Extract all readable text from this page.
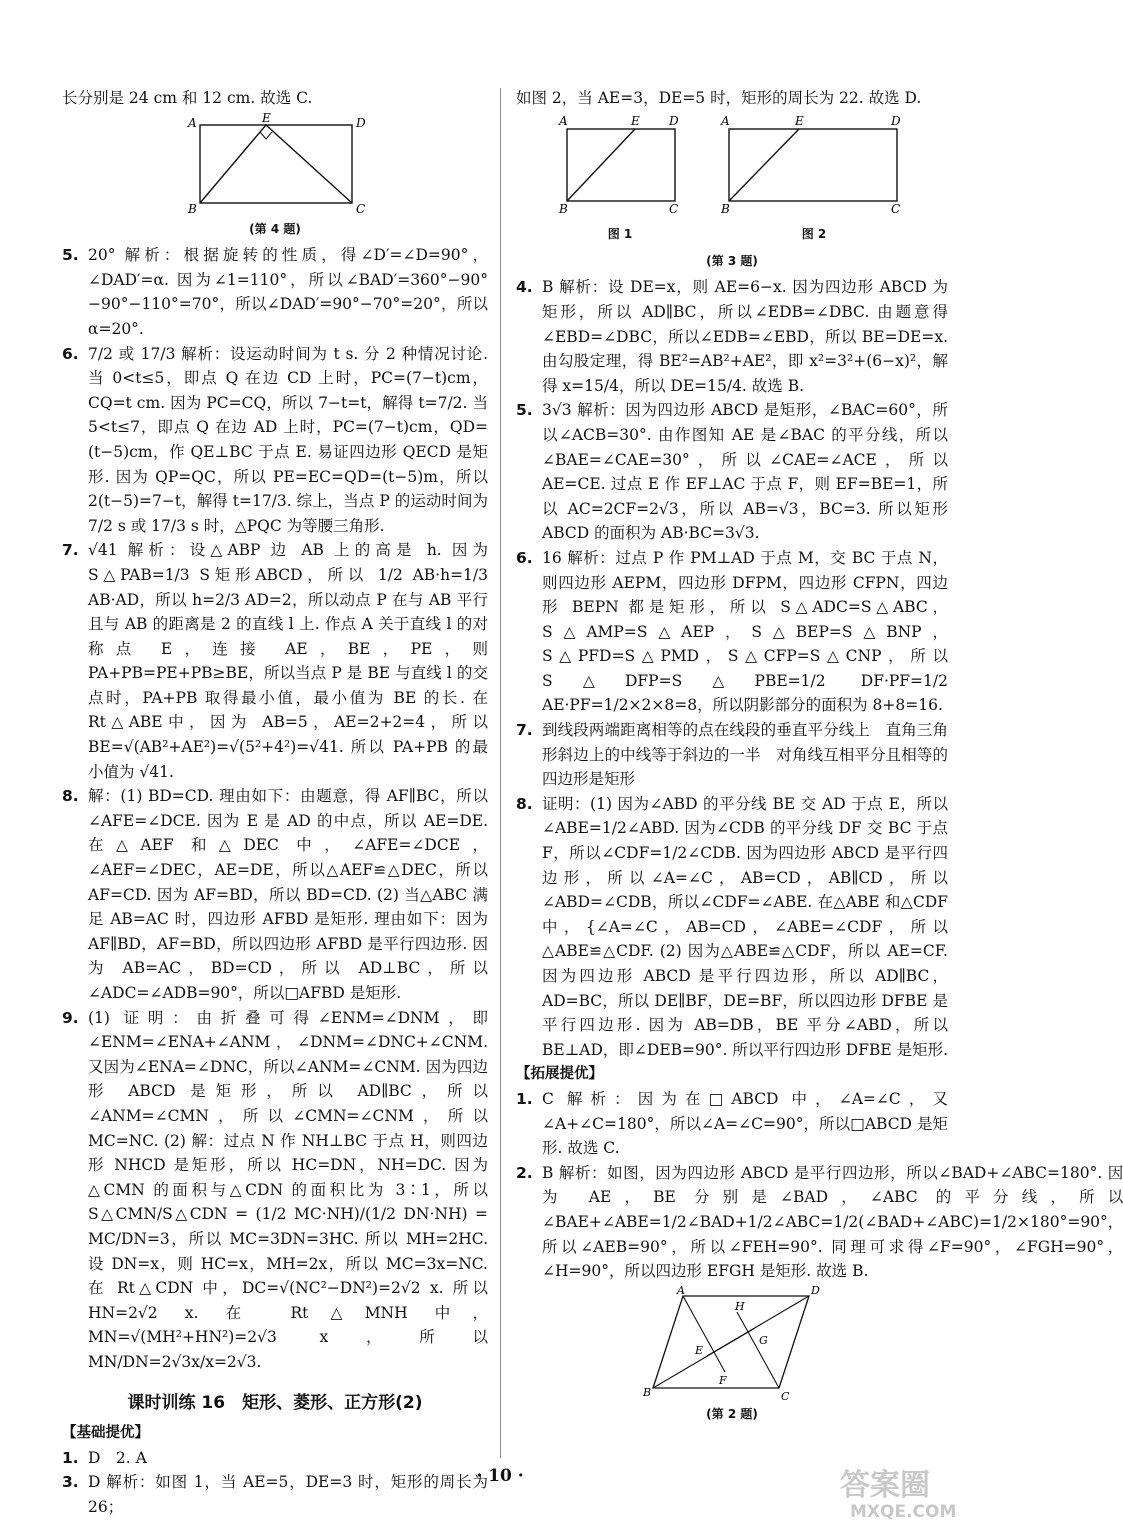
长分别是 24 cm 和 12 cm. 故选 C.

A	E	D
B	C
(第 4 题)
5. 20° 解析：根据旋转的性质，得∠D′=∠D=90°，∠DAD′=α. 因为∠1=110°，所以∠BAD′=360°−90°−90°−110°=70°，所以∠DAD′=90°−70°=20°，所以 α=20°.

6. 7/2 或 17/3 解析：设运动时间为 t s. 分 2 种情况讨论. 当 0<t≤5，即点 Q 在边 CD 上时，PC=(7−t)cm，CQ=t cm. 因为 PC=CQ，所以 7−t=t，解得 t=7/2. 当 5<t≤7，即点 Q 在边 AD 上时，PC=(7−t)cm，QD=(t−5)cm，作 QE⊥BC 于点 E. 易证四边形 QECD 是矩形. 因为 QP=QC，所以 PE=EC=QD=(t−5)m，所以 2(t−5)=7−t，解得 t=17/3. 综上，当点 P 的运动时间为 7/2 s 或 17/3 s 时，△PQC 为等腰三角形.

7. √41 解析：设△ABP 边 AB 上的高是 h. 因为 S△PAB=1/3 S矩形ABCD，所以 1/2 AB·h=1/3 AB·AD，所以 h=2/3 AD=2，所以动点 P 在与 AB 平行且与 AB 的距离是 2 的直线 l 上. 作点 A 关于直线 l 的对称点 E，连接 AE，BE，PE，则 PA+PB=PE+PB≥BE，所以当点 P 是 BE 与直线 l 的交点时，PA+PB 取得最小值，最小值为 BE 的长. 在 Rt△ABE中，因为 AB=5，AE=2+2=4，所以 BE=√(AB²+AE²)=√(5²+4²)=√41. 所以 PA+PB 的最小值为 √41.

8. 解：(1) BD=CD. 理由如下：由题意，得 AF∥BC，所以∠AFE=∠DCE. 因为 E 是 AD 的中点，所以 AE=DE. 在△AEF 和△DEC 中，∠AFE=∠DCE，∠AEF=∠DEC，AE=DE，所以△AEF≌△DEC，所以 AF=CD. 因为 AF=BD，所以 BD=CD. (2) 当△ABC 满足 AB=AC 时，四边形 AFBD 是矩形. 理由如下：因为 AF∥BD，AF=BD，所以四边形 AFBD 是平行四边形. 因为 AB=AC，BD=CD，所以 AD⊥BC，所以∠ADC=∠ADB=90°，所以□AFBD 是矩形.

9. (1) 证明：由折叠可得∠ENM=∠DNM，即∠ENM=∠ENA+∠ANM，∠DNM=∠DNC+∠CNM. 又因为∠ENA=∠DNC，所以∠ANM=∠CNM. 因为四边形 ABCD 是矩形，所以 AD∥BC，所以∠ANM=∠CMN，所以∠CMN=∠CNM，所以MC=NC. (2) 解：过点 N 作 NH⊥BC 于点 H，则四边形 NHCD 是矩形，所以 HC=DN，NH=DC. 因为△CMN 的面积与△CDN 的面积比为 3∶1，所以 S△CMN/S△CDN = (1/2 MC·NH)/(1/2 DN·NH) = MC/DN=3，所以 MC=3DN=3HC. 所以 MH=2HC. 设 DN=x，则 HC=x，MH=2x，所以 MC=3x=NC. 在 Rt△CDN 中，DC=√(NC²−DN²)=2√2 x. 所以 HN=2√2 x. 在 Rt△MNH 中，MN=√(MH²+HN²)=2√3 x，所以 MN/DN=2√3x/x=2√3.

课时训练 16　矩形、菱形、正方形(2)
【基础提优】
1. D　2. A

3. D 解析：如图 1，当 AE=5，DE=3 时，矩形的周长为 26；

如图 2，当 AE=3，DE=5 时，矩形的周长为 22. 故选 D.

A	E D
B	C
图 1
A	E	D
B	C
图 2
(第 3 题)
4. B 解析：设 DE=x，则 AE=6−x. 因为四边形 ABCD 为矩形，所以 AD∥BC，所以∠EDB=∠DBC. 由题意得∠EBD=∠DBC，所以∠EDB=∠EBD，所以 BE=DE=x. 由勾股定理，得 BE²=AB²+AE²，即 x²=3²+(6−x)²，解得 x=15/4，所以 DE=15/4. 故选 B.

5. 3√3 解析：因为四边形 ABCD 是矩形，∠BAC=60°，所以∠ACB=30°. 由作图知 AE 是∠BAC 的平分线，所以∠BAE=∠CAE=30°，所以∠CAE=∠ACE，所以 AE=CE. 过点 E 作 EF⊥AC 于点 F，则 EF=BE=1，所以 AC=2CF=2√3，所以 AB=√3，BC=3. 所以矩形 ABCD 的面积为 AB·BC=3√3.

6. 16 解析：过点 P 作 PM⊥AD 于点 M，交 BC 于点 N，则四边形 AEPM，四边形 DFPM，四边形 CFPN，四边形 BEPN 都是矩形，所以 S△ADC=S△ABC，S△AMP=S△AEP，S△BEP=S△BNP，S△PFD=S△PMD，S△CFP=S△CNP，所以 S△DFP=S△PBE=1/2 DF·PF=1/2 AE·PF=1/2×2×8=8，所以阴影部分的面积为 8+8=16.

7. 到线段两端距离相等的点在线段的垂直平分线上　直角三角形斜边上的中线等于斜边的一半　对角线互相平分且相等的四边形是矩形

8. 证明：(1) 因为∠ABD 的平分线 BE 交 AD 于点 E，所以∠ABE=1/2∠ABD. 因为∠CDB 的平分线 DF 交 BC 于点 F，所以∠CDF=1/2∠CDB. 因为四边形 ABCD 是平行四边形，所以∠A=∠C，AB=CD，AB∥CD，所以∠ABD=∠CDB，所以∠CDF=∠ABE. 在△ABE 和△CDF 中，{∠A=∠C，AB=CD，∠ABE=∠CDF，所以△ABE≌△CDF. (2) 因为△ABE≌△CDF，所以 AE=CF. 因为四边形 ABCD 是平行四边形，所以 AD∥BC，AD=BC，所以 DE∥BF，DE=BF，所以四边形 DFBE 是平行四边形. 因为 AB=DB，BE 平分∠ABD，所以 BE⊥AD，即∠DEB=90°. 所以平行四边形 DFBE 是矩形.

【拓展提优】
1. C 解析：因为在□ABCD 中，∠A=∠C，又∠A+∠C=180°，所以∠A=∠C=90°，所以□ABCD 是矩形. 故选 C.

2. B 解析：如图，因为四边形 ABCD 是平行四边形，所以∠BAD+∠ABC=180°. 因为 AE，BE 分别是∠BAD，∠ABC 的平分线，所以∠BAE+∠ABE=1/2∠BAD+1/2∠ABC=1/2(∠BAD+∠ABC)=1/2×180°=90°，所以∠AEB=90°，所以∠FEH=90°. 同理可求得∠F=90°，∠FGH=90°，∠H=90°，所以四边形 EFGH 是矩形. 故选 B.

A	D
B	C
H
E
G
F
(第 2 题)
· 10 ·	答案圈
MXQE.COM
